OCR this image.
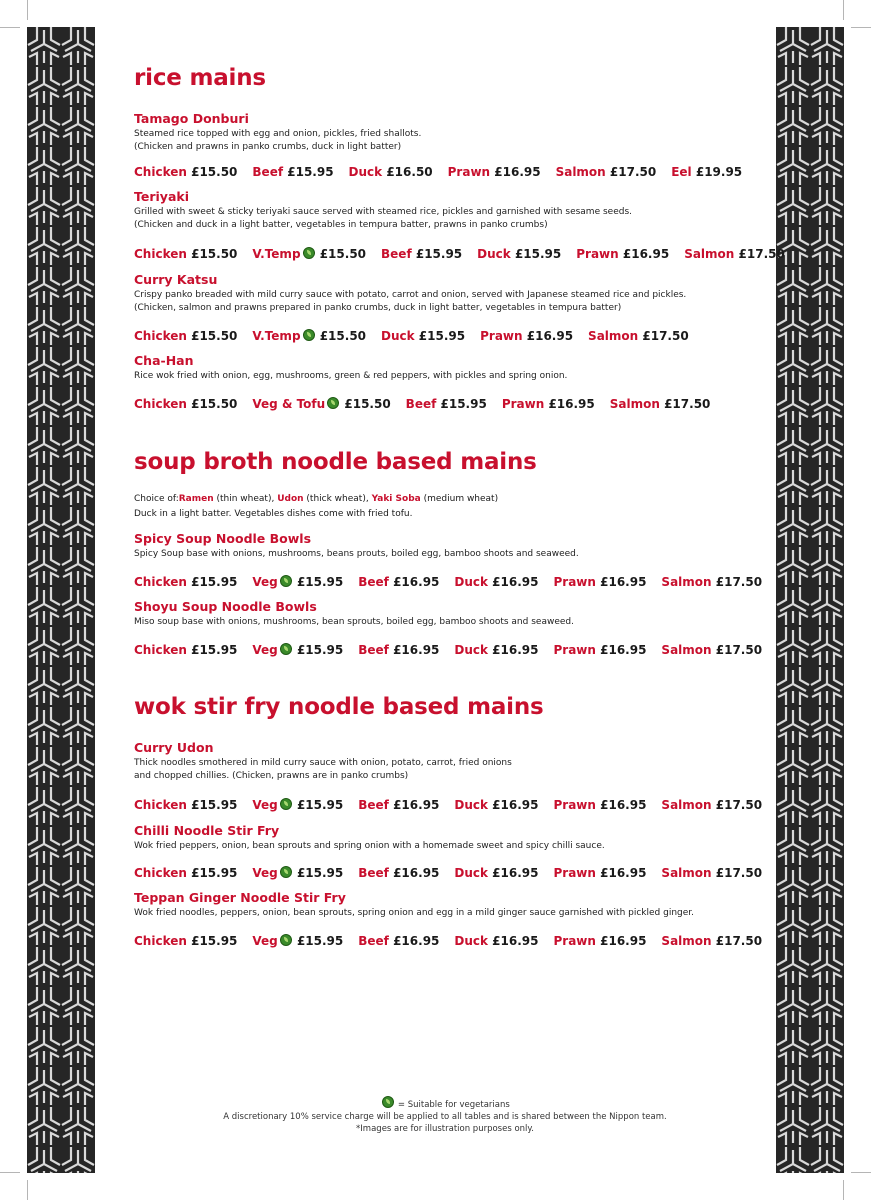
rice mains
Tamago Donburi
Steamed rice topped with egg and onion, pickles, fried shallots.
(Chicken and prawns in panko crumbs, duck in light batter)
Chicken £15.50 Beef £15.95 Duck £16.50 Prawn £16.95 Salmon £17.50 Eel £19.95
Teriyaki
Grilled with sweet & sticky teriyaki sauce served with steamed rice, pickles and garnished with sesame seeds.
(Chicken and duck in a light batter, vegetables in tempura batter, prawns in panko crumbs)
Chicken £15.50 V.Temp £15.50 Beef £15.95 Duck £15.95 Prawn £16.95 Salmon £17.50
Curry Katsu
Crispy panko breaded with mild curry sauce with potato, carrot and onion, served with Japanese steamed rice and pickles.
(Chicken, salmon and prawns prepared in panko crumbs, duck in light batter, vegetables in tempura batter)
Chicken £15.50 V.Temp £15.50 Duck £15.95 Prawn £16.95 Salmon £17.50
Cha-Han
Rice wok fried with onion, egg, mushrooms, green & red peppers, with pickles and spring onion.
Chicken £15.50 Veg & Tofu £15.50 Beef £15.95 Prawn £16.95 Salmon £17.50
soup broth noodle based mains
Choice of:Ramen (thin wheat), Udon (thick wheat), Yaki Soba (medium wheat)
Duck in a light batter. Vegetables dishes come with fried tofu.
Spicy Soup Noodle Bowls
Spicy Soup base with onions, mushrooms, beans prouts, boiled egg, bamboo shoots and seaweed.
Chicken £15.95 Veg £15.95 Beef £16.95 Duck £16.95 Prawn £16.95 Salmon £17.50
Shoyu Soup Noodle Bowls
Miso soup base with onions, mushrooms, bean sprouts, boiled egg, bamboo shoots and seaweed.
Chicken £15.95 Veg £15.95 Beef £16.95 Duck £16.95 Prawn £16.95 Salmon £17.50
wok stir fry noodle based mains
Curry Udon
Thick noodles smothered in mild curry sauce with onion, potato, carrot, fried onions
and chopped chillies. (Chicken, prawns are in panko crumbs)
Chicken £15.95 Veg £15.95 Beef £16.95 Duck £16.95 Prawn £16.95 Salmon £17.50
Chilli Noodle Stir Fry
Wok fried peppers, onion, bean sprouts and spring onion with a homemade sweet and spicy chilli sauce.
Chicken £15.95 Veg £15.95 Beef £16.95 Duck £16.95 Prawn £16.95 Salmon £17.50
Teppan Ginger Noodle Stir Fry
Wok fried noodles, peppers, onion, bean sprouts, spring onion and egg in a mild ginger sauce garnished with pickled ginger.
Chicken £15.95 Veg £15.95 Beef £16.95 Duck £16.95 Prawn £16.95 Salmon £17.50
= Suitable for vegetarians
A discretionary 10% service charge will be applied to all tables and is shared between the Nippon team.
*Images are for illustration purposes only.
